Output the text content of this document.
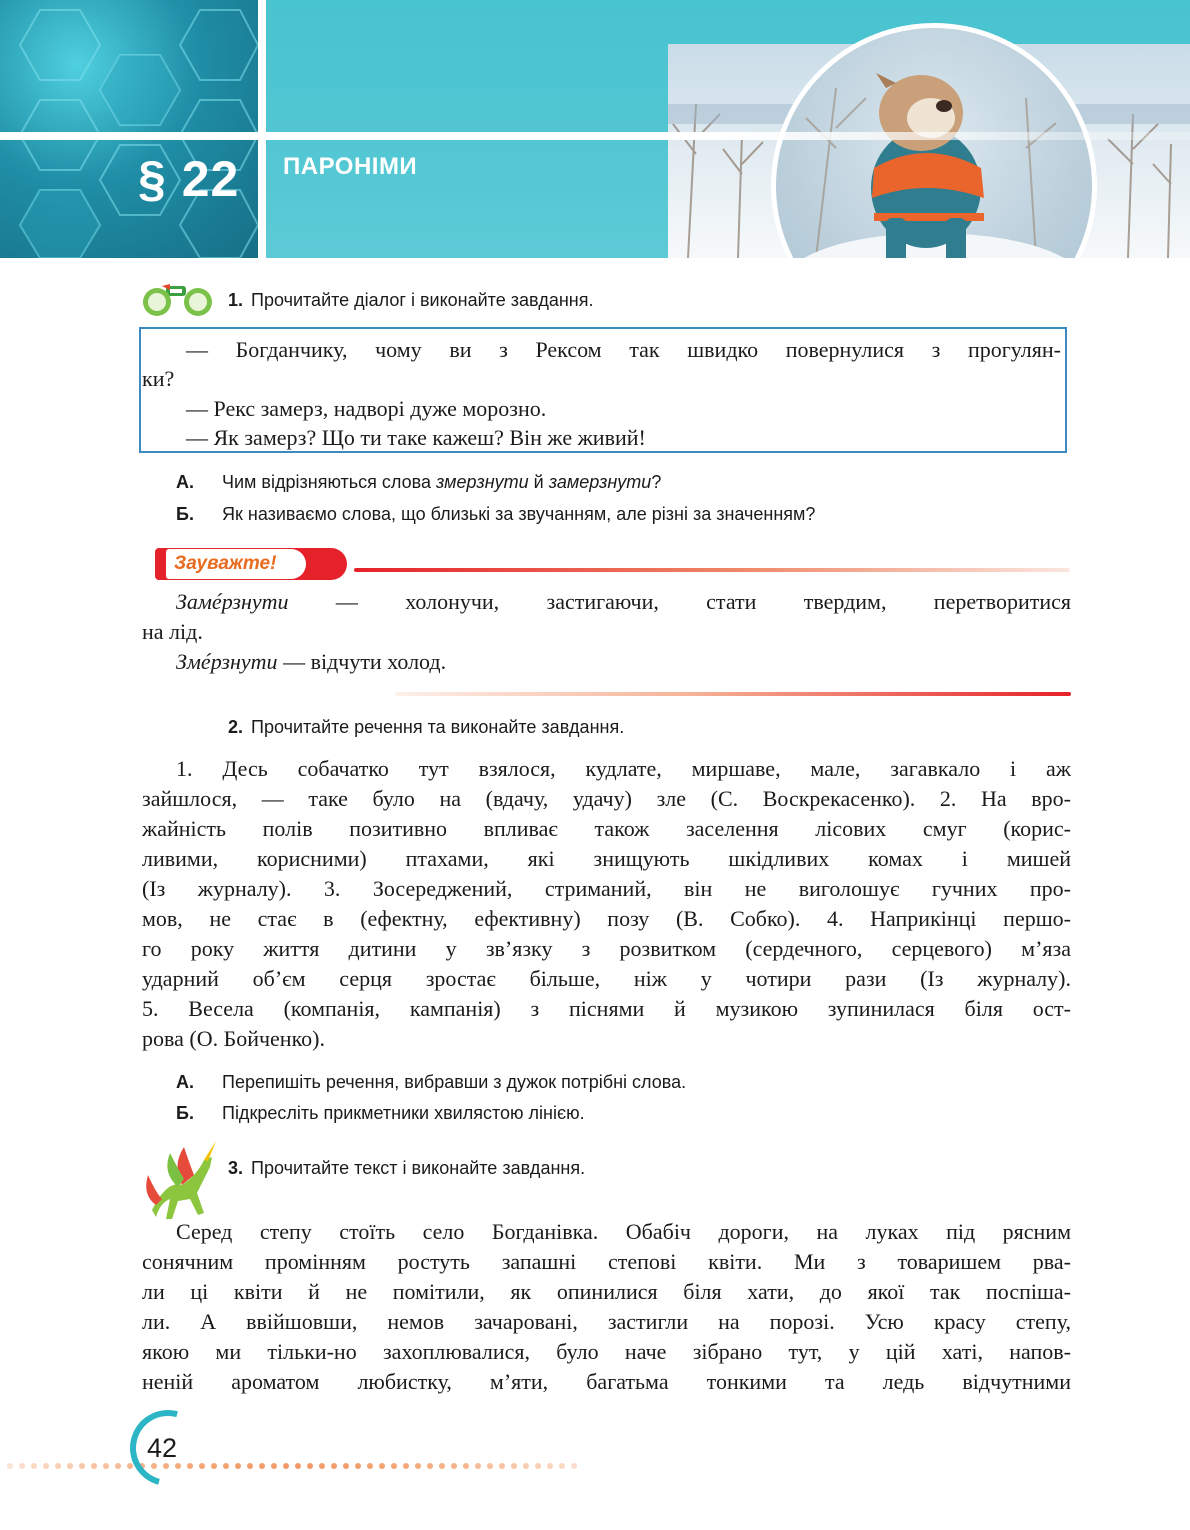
§ 22 ПАРОНІМИ
1. Прочитайте діалог і виконайте завдання.
— Богданчику, чому ви з Рексом так швидко повернулися з прогулян-
ки?
— Рекс замерз, надворі дуже морозно.
— Як замерз? Що ти таке кажеш? Він же живий!
А. Чим відрізняються слова змерзнути й замерзнути?
Б. Як називаємо слова, що близькі за звучанням, але різні за значенням?
Зауважте!
Замéрзнути — холонучи, застигаючи, стати твердим, перетворитися
на лід.
Змéрзнути — відчути холод.
2. Прочитайте речення та виконайте завдання.
1. Десь собачатко тут взялося, кудлате, миршаве, мале, загавкало і аж
зайшлося, — таке було на (вдачу, удачу) зле (С. Воскрекасенко). 2. На вро-
жайність полів позитивно впливає також заселення лісових смуг (корис-
ливими, корисними) птахами, які знищують шкідливих комах і мишей
(Із журналу). 3. Зосереджений, стриманий, він не виголошує гучних про-
мов, не стає в (ефектну, ефективну) позу (В. Собко). 4. Наприкінці першо-
го року життя дитини у зв’язку з розвитком (сердечного, серцевого) м’яза
ударний об’єм серця зростає більше, ніж у чотири рази (Із журналу).
5. Весела (компанія, кампанія) з піснями й музикою зупинилася біля ост-
рова (О. Бойченко).
А. Перепишіть речення, вибравши з дужок потрібні слова.
Б. Підкресліть прикметники хвилястою лінією.
3. Прочитайте текст і виконайте завдання.
Серед степу стоїть село Богданівка. Обабіч дороги, на луках під рясним
сонячним промінням ростуть запашні степові квіти. Ми з товаришем рва-
ли ці квіти й не помітили, як опинилися біля хати, до якої так поспіша-
ли. А ввійшовши, немов зачаровані, застигли на порозі. Усю красу степу,
якою ми тільки-но захоплювалися, було наче зібрано тут, у цій хаті, напов-
неній ароматом любистку, м’яти, багатьма тонкими та ледь відчутними
42
